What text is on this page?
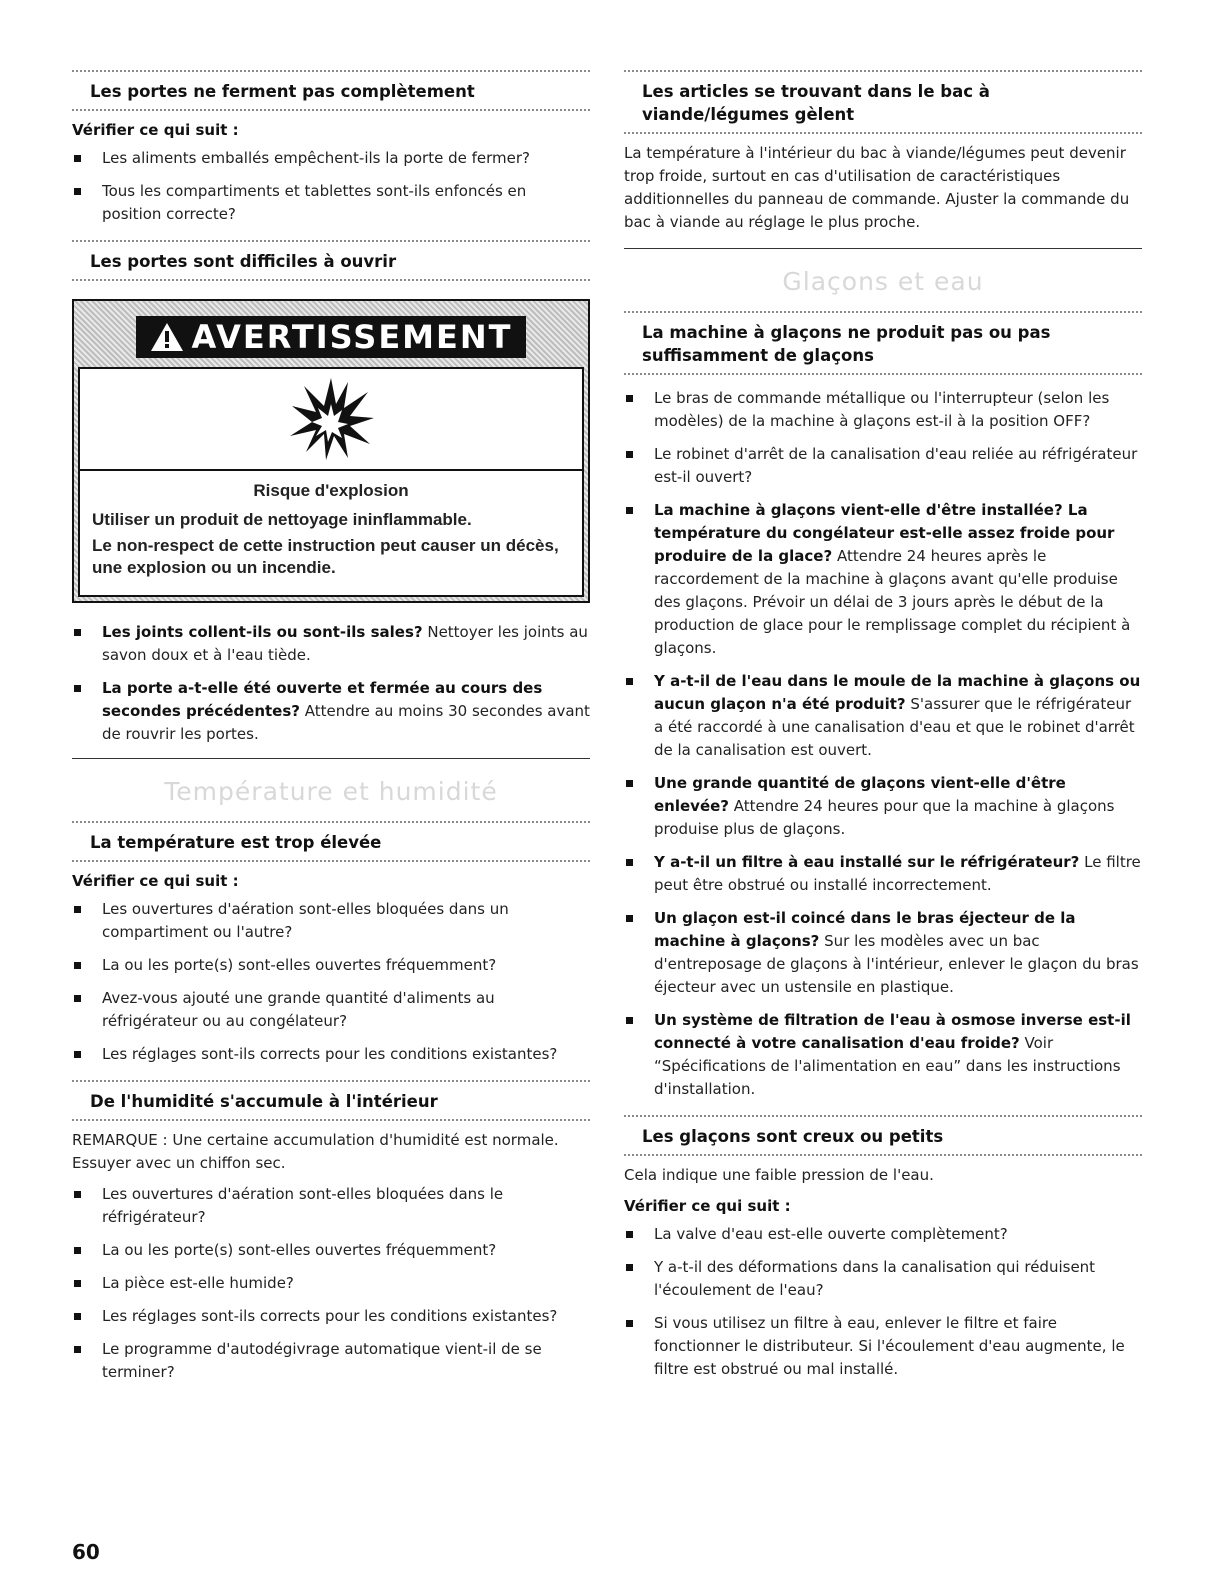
Les portes ne ferment pas complètement
Vérifier ce qui suit :
Les aliments emballés empêchent-ils la porte de fermer?
Tous les compartiments et tablettes sont-ils enfoncés en position correcte?
Les portes sont difficiles à ouvrir
AVERTISSEMENT
Risque d'explosion
Utiliser un produit de nettoyage ininflammable.
Le non-respect de cette instruction peut causer un décès, une explosion ou un incendie.
Les joints collent-ils ou sont-ils sales? Nettoyer les joints au savon doux et à l'eau tiède.
La porte a-t-elle été ouverte et fermée au cours des secondes précédentes? Attendre au moins 30 secondes avant de rouvrir les portes.
Température et humidité
La température est trop élevée
Vérifier ce qui suit :
Les ouvertures d'aération sont-elles bloquées dans un compartiment ou l'autre?
La ou les porte(s) sont-elles ouvertes fréquemment?
Avez-vous ajouté une grande quantité d'aliments au réfrigérateur ou au congélateur?
Les réglages sont-ils corrects pour les conditions existantes?
De l'humidité s'accumule à l'intérieur

REMARQUE : Une certaine accumulation d'humidité est normale. Essuyer avec un chiffon sec.

Les ouvertures d'aération sont-elles bloquées dans le réfrigérateur?
La ou les porte(s) sont-elles ouvertes fréquemment?
La pièce est-elle humide?
Les réglages sont-ils corrects pour les conditions existantes?
Le programme d'autodégivrage automatique vient-il de se terminer?
Les articles se trouvant dans le bac à viande/légumes gèlent

La température à l'intérieur du bac à viande/légumes peut devenir trop froide, surtout en cas d'utilisation de caractéristiques additionnelles du panneau de commande. Ajuster la commande du bac à viande au réglage le plus proche.

Glaçons et eau
La machine à glaçons ne produit pas ou pas suffisamment de glaçons
Le bras de commande métallique ou l'interrupteur (selon les modèles) de la machine à glaçons est-il à la position OFF?
Le robinet d'arrêt de la canalisation d'eau reliée au réfrigérateur est-il ouvert?
La machine à glaçons vient-elle d'être installée? La température du congélateur est-elle assez froide pour produire de la glace? Attendre 24 heures après le raccordement de la machine à glaçons avant qu'elle produise des glaçons. Prévoir un délai de 3 jours après le début de la production de glace pour le remplissage complet du récipient à glaçons.
Y a-t-il de l'eau dans le moule de la machine à glaçons ou aucun glaçon n'a été produit? S'assurer que le réfrigérateur a été raccordé à une canalisation d'eau et que le robinet d'arrêt de la canalisation est ouvert.
Une grande quantité de glaçons vient-elle d'être enlevée? Attendre 24 heures pour que la machine à glaçons produise plus de glaçons.
Y a-t-il un filtre à eau installé sur le réfrigérateur? Le filtre peut être obstrué ou installé incorrectement.
Un glaçon est-il coincé dans le bras éjecteur de la machine à glaçons? Sur les modèles avec un bac d'entreposage de glaçons à l'intérieur, enlever le glaçon du bras éjecteur avec un ustensile en plastique.
Un système de filtration de l'eau à osmose inverse est-il connecté à votre canalisation d'eau froide? Voir “Spécifications de l'alimentation en eau” dans les instructions d'installation.
Les glaçons sont creux ou petits

Cela indique une faible pression de l'eau.

Vérifier ce qui suit :
La valve d'eau est-elle ouverte complètement?
Y a-t-il des déformations dans la canalisation qui réduisent l'écoulement de l'eau?
Si vous utilisez un filtre à eau, enlever le filtre et faire fonctionner le distributeur. Si l'écoulement d'eau augmente, le filtre est obstrué ou mal installé.
60
